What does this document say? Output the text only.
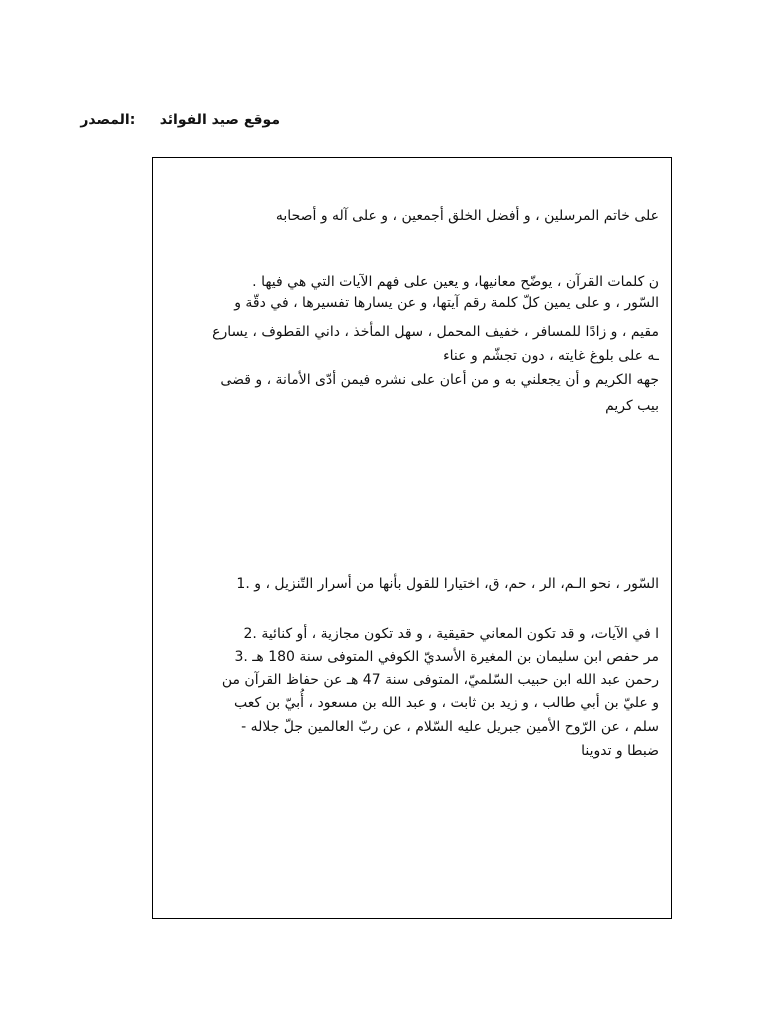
موقع صيد الفوائد     :المصدر
على خاتم المرسلين ، و أفضل الخلق أجمعين ، و على آله و أصحابه
ن كلمات القرآن ، يوضّح معانيها، و يعين على فهم الآيات التي هي فيها .
السّور ، و على يمين كلّ كلمة رقم آيتها، و عن يسارها تفسيرها ، في دقّة و
مقيم ، و زادًا للمسافر ، خفيف المحمل ، سهل المأخذ ، داني القطوف ، يسارع
ـه على بلوغ غايته ، دون تجشّم و عناء
جهه الكريم و أن يجعلني به و من أعان على نشره فيمن أدّى الأمانة ، و قضى
بيب كريم
السّور ، نحو الـم، الر ، حم، ق، اختيارا للقول بأنها من أسرار التّنزيل ، و .1
ا في الآيات، و قد تكون المعاني حقيقية ، و قد تكون مجازية ، أو كنائية .2
مر حفص ابن سليمان بن المغيرة الأسديّ الكوفي المتوفى سنة 180 هـ .3
رحمن عبد الله ابن حبيب السّلميّ، المتوفى سنة 47 هـ عن حفاظ القرآن من
و عليّ بن أبي طالب ، و زيد بن ثابت ، و عبد الله بن مسعود ، أُبيّ بن كعب
سلم ، عن الرّوح الأمين جبريل عليه السّلام ، عن ربّ العالمين جلّ جلاله -
ضبطا و تدوينا
